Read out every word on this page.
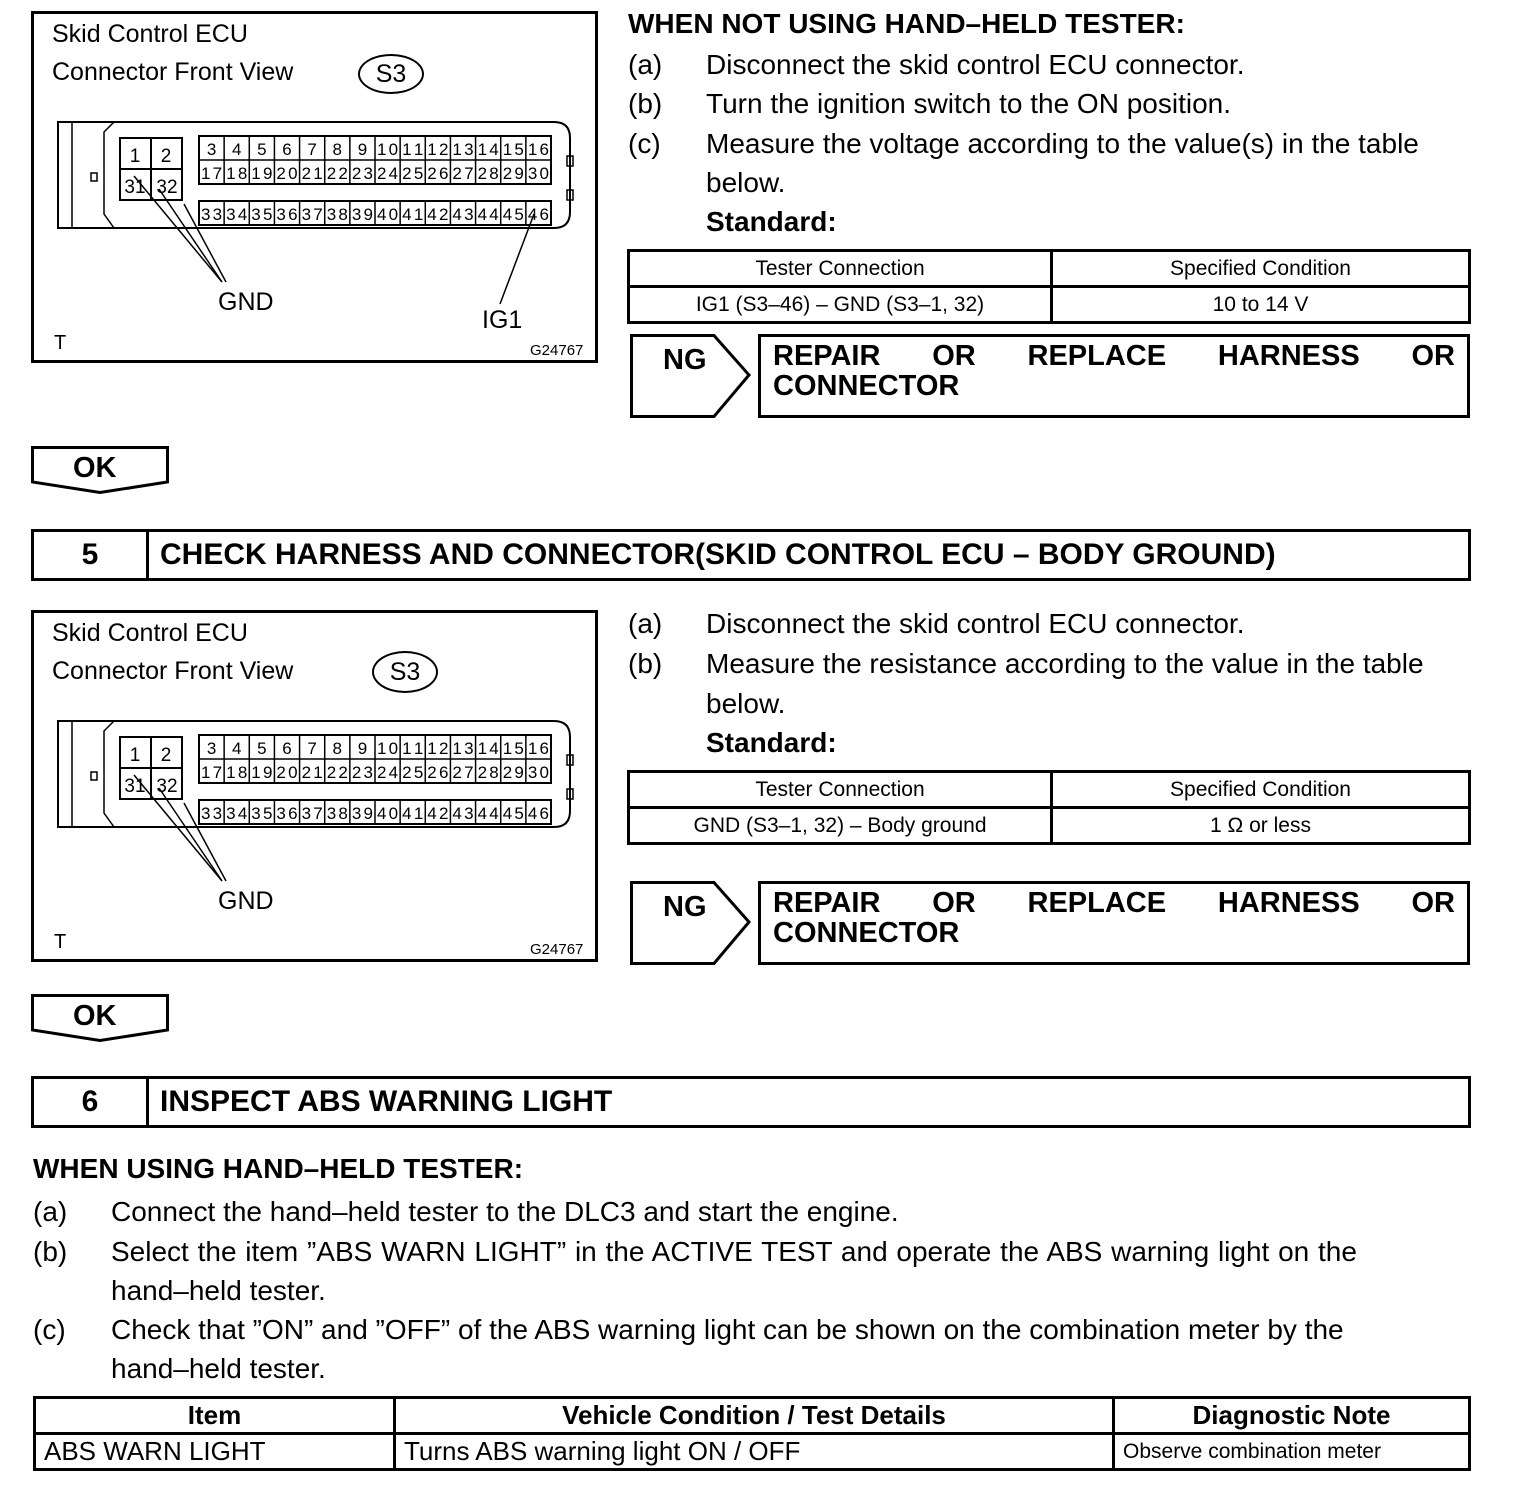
Skid Control ECU
Connector Front View	S3
1 2
31 32
3 4 5 6 7 8 9 10 11 12 13 14 15 16
17 18 19 20 21 22 23 24 25 26 27 28 29 30
33 34 35 36 37 38 39 40 41 42 43 44 45 46
GND
IG1
T	G24767
WHEN NOT USING HAND–HELD TESTER:
(a) Disconnect the skid control ECU connector.
(b) Turn the ignition switch to the ON position.
(c) Measure the voltage according to the value(s) in the table
below.
Standard:
Tester Connection	Specified Condition
IG1 (S3–46) – GND (S3–1, 32)	10 to 14 V
NG REPAIR OR REPLACE HARNESS OR
CONNECTOR
OK
5	CHECK HARNESS AND CONNECTOR(SKID CONTROL ECU – BODY GROUND)
Skid Control ECU
Connector Front View	S3
1 2
31 32
3 4 5 6 7 8 9 10 11 12 13 14 15 16
17 18 19 20 21 22 23 24 25 26 27 28 29 30
33 34 35 36 37 38 39 40 41 42 43 44 45 46
GND
T	G24767
(a) Disconnect the skid control ECU connector.
(b) Measure the resistance according to the value in the table
below.
Standard:
Tester Connection	Specified Condition
GND (S3–1, 32) – Body ground	1 Ω or less
NG REPAIR OR REPLACE HARNESS OR
CONNECTOR
OK
6	INSPECT ABS WARNING LIGHT
WHEN USING HAND–HELD TESTER:
(a) Connect the hand–held tester to the DLC3 and start the engine.
(b) Select the item ”ABS WARN LIGHT” in the ACTIVE TEST and operate the ABS warning light on the
hand–held tester.
(c) Check that ”ON” and ”OFF” of the ABS warning light can be shown on the combination meter by the
hand–held tester.
Item	Vehicle Condition / Test Details	Diagnostic Note
ABS WARN LIGHT	Turns ABS warning light ON / OFF	Observe combination meter
